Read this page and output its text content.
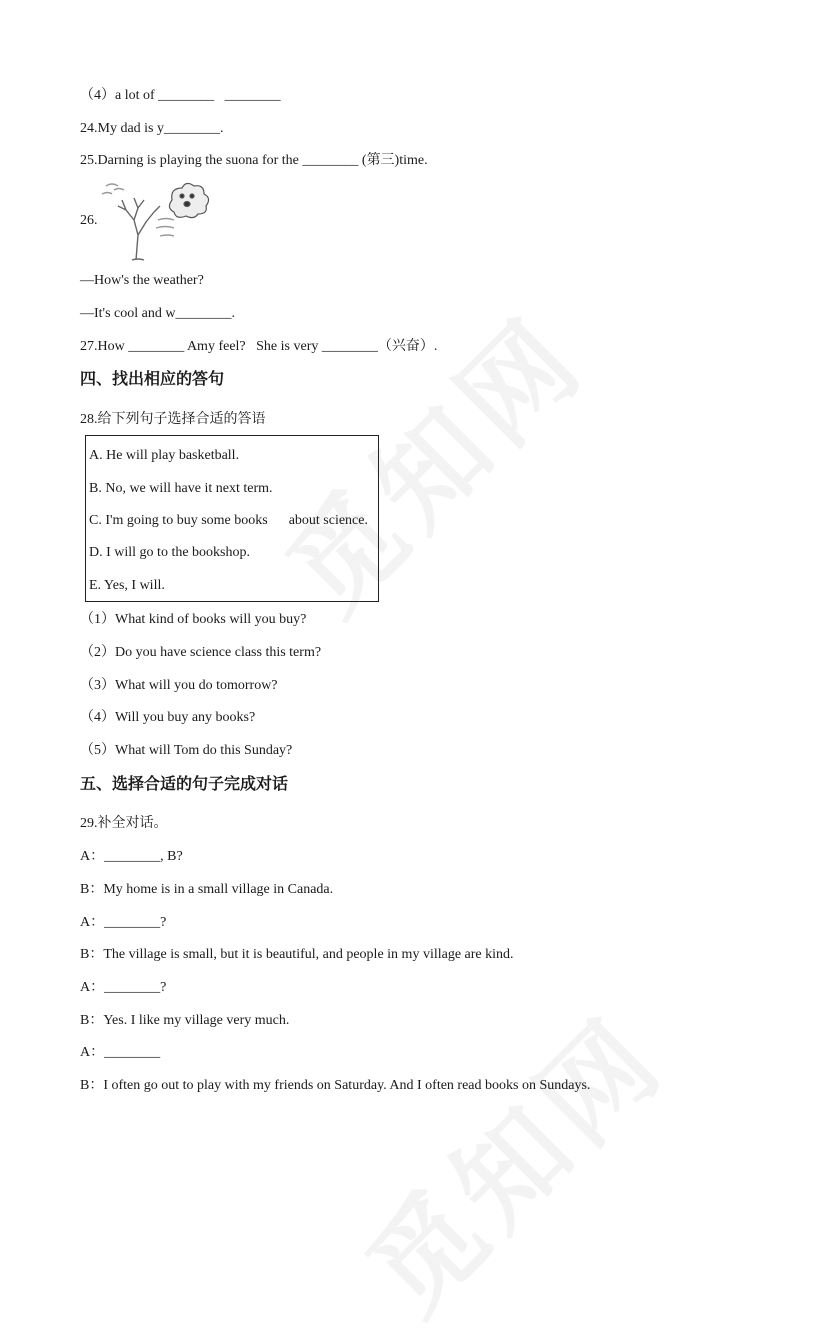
（4）a lot of ________   ________
24.My dad is y________.
25.Darning is playing the suona for the ________ (第三)time.
26.
—How's the weather?
—It's cool and w________.
27.How ________ Amy feel?   She is very ________（兴奋）.
四、找出相应的答句
28.给下列句子选择合适的答语
A. He will play basketball.
B. No, we will have it next term.
C. I'm going to buy some books      about science.
D. I will go to the bookshop.
E. Yes, I will.
（1）What kind of books will you buy?
（2）Do you have science class this term?
（3）What will you do tomorrow?
（4）Will you buy any books?
（5）What will Tom do this Sunday?
五、选择合适的句子完成对话
29.补全对话。
A：________, B?
B：My home is in a small village in Canada.
A：________?
B：The village is small, but it is beautiful, and people in my village are kind.
A：________?
B：Yes. I like my village very much.
A：________
B：I often go out to play with my friends on Saturday. And I often read books on Sundays.
